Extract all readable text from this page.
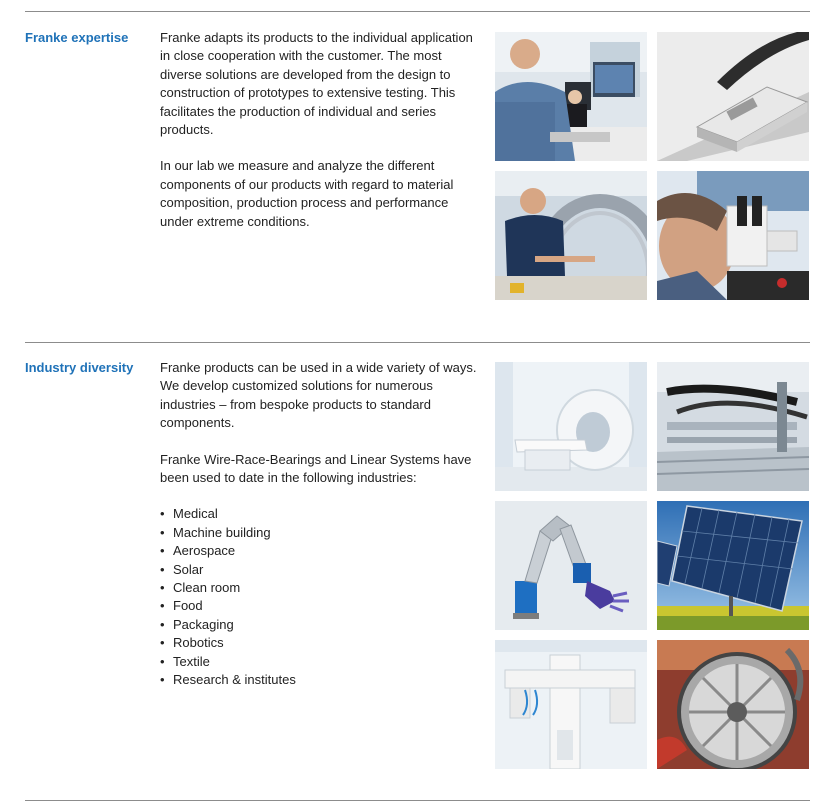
Franke expertise Franke adapts its products to the individual application in close cooperation with the customer. The most diverse solutions are developed from the design to construction of prototypes to extensive testing. This facilitates the production of individual and series products.

In our lab we measure and analyze the different components of our products with regard to material composition, production process and performance under extreme conditions.

Industry diversity Franke products can be used in a wide variety of ways. We develop customized solutions for numerous industries – from bespoke products to standard components.

Franke Wire-Race-Bearings and Linear Systems have been used to date in the following industries:

• Medical
• Machine building
• Aerospace
• Solar
• Clean room
• Food
• Packaging
• Robotics
• Textile
• Research & institutes
